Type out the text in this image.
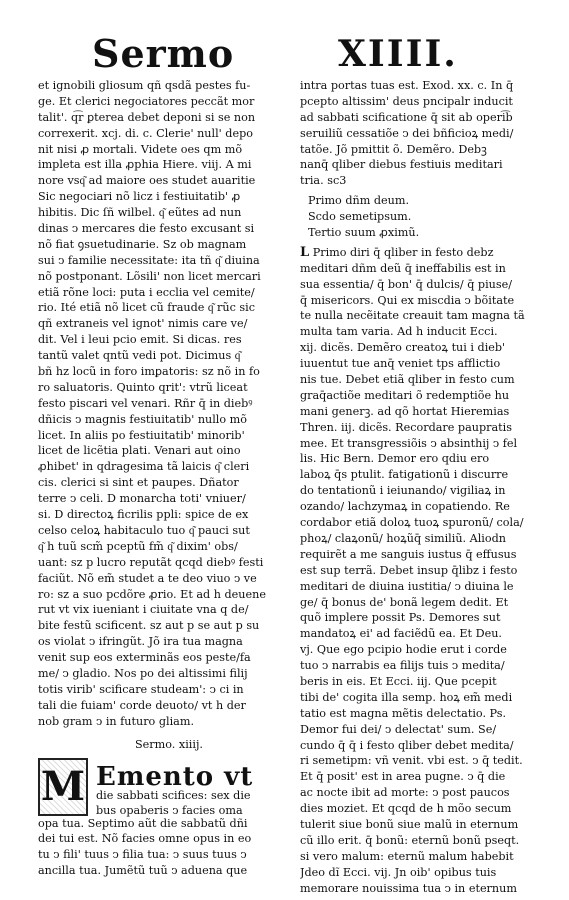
Sermo	XIIII.
et ignobili gliosum qñ qsdã pestes fu-
ge. Et clerici negociatores peccãt mor
talit'. q͡r ꝑterea debet deponi si se non
correxerit. xcj. di. c. Clerie' null' depo
nit nisi ꝓ mortali. Videte oes qm mõ
impleta est illa ꝓphia Hiere. viij. A mi
nore vsq͂ ad maiore oes studet auaritie
Sic negociari nõ licz i festiuitatib' ꝓ
hibitis. Dic ſñ wilbel. q͂ eũtes ad nun
dinas ↄ mercares die festo excusant si
nõ fiat ꝯsuetudinarie. Sz ob magnam
sui ↄ familie necessitate: ita tñ q͂ diuina
nõ postponant. Lõsili' non licet mercari
etiã rõne loci: puta i ecclia vel cemite/
rio. Ité etiã nõ licet cũ fraude q͂ rũc sic
qñ extraneis vel ignot' nimis care ve/
dit. Vel i leui pcio emit. Si dicas. res
tantũ valet qntũ vedi pot. Dicimus q͂
bñ hz locũ in foro imꝑatoris: sz nõ in fo
ro saluatoris. Quinto qrit': vtrũ liceat
festo piscari vel venari. Rñr q̄ in diebꝰ
dñicis ↄ magnis festiuitatib' nullo mõ
licet. In aliis po festiuitatib' minorib'
licet de licẽtia plati. Venari aut oino
ꝓhibet' in qdragesima tã laicis q͂ cleri
cis. clerici si sint et paupes. Dñator
terre ↄ celi. D monarcha toti' vniuer/
si. D directoꝝ ficrilis ppli: spice de ex
celso celoꝝ habitaculo tuo q͂ pauci sut
q͂ h tuũ scm̃ pceptũ fm̃ q͂ dixim' obs/
uant: sz p lucro reputãt qcqd diebꝰ festi
faciũt. Nõ em̃ studet a te deo viuo ↄ ve
ro: sz a suo pcdõre ꝓrio. Et ad h deuene
rut vt vix iueniant i ciuitate vna q de/
bite festũ scificent. sz aut p se aut p su
os violat ↄ ifringũt. Jõ ira tua magna
venit sup eos exterminãs eos peste/fa
me/ ↄ gladio. Nos po dei altissimi filij
totis virib' scificare studeam': ↄ ci in
tali die fuiam' corde deuoto/ vt h der
nob gram ↄ in futuro gliam.
Sermo. xiiij.
M Emento vt
die sabbati scifices: sex die
bus opaberis ↄ facies oma
opa tua. Septimo aũt die sabbatũ dñi
dei tui est. Nõ facies omne opus in eo
tu ↄ fili' tuus ↄ filia tua: ↄ suus tuus ↄ
ancilla tua. Jumẽtũ tuũ ↄ aduena que
intra portas tuas est. Exod. xx. c. In q̄
pcepto altissim' deus pncipalr inducit
ad sabbati scificatione q̄ sit ab operi͡b
seruiliũ cessatiõe ↄ dei bñficioꝝ medi/
tatõe. Jõ pmittit õ. Demẽro. Debꝫ
nanq̄ qliber diebus festiuis meditari
tria. sc3
Primo dñm deum.
Scdo semetipsum.
Tertio suum ꝓximũ.
L Primo diri q̄ qliber in festo debz
meditari dñm deũ q̄ ineffabilis est in
sua essentia/ q̄ bon' q̄ dulcis/ q̄ piuse/
q̄ misericors. Qui ex miscdia ↄ bõitate
te nulla necẽitate creauit tam magna tã
multa tam varia. Ad h inducit Ecci.
xij. dicẽs. Demẽro creatoꝝ tui i dieb'
iuuentut tue anq̄ veniet tps afflictio
nis tue. Debet etiã qliber in festo cum
graq̄actiõe meditari õ redemptiõe hu
mani generꝫ. ad qõ hortat Hieremias
Thren. iij. dicẽs. Recordare paupratis
mee. Et transgressiõis ↄ absinthij ↄ fel
lis. Hic Bern. Demor ero qdiu ero
laboꝝ q̄s ptulit. fatigationũ i discurre
do tentationũ i ieiunando/ vigiliaꝝ in
ozando/ lachzymaꝝ in copatiendo. Re
cordabor etiã doloꝝ tuoꝝ spuronũ/ cola/
phoꝝ/ claꝝonũ/ hoꝝũq̄ similiũ. Aliodn
requirẽt a me sanguis iustus q̄ effusus
est sup terrã. Debet insup q̄libz i festo
meditari de diuina iustitia/ ↄ diuina le
ge/ q̄ bonus de' bonã legem dedit. Et
quõ implere possit Ps. Demores sut
mandatoꝝ ei' ad faciẽdũ ea. Et Deu.
vj. Que ego pcipio hodie erut i corde
tuo ↄ narrabis ea filijs tuis ↄ medita/
beris in eis. Et Ecci. iij. Que pcepit
tibi de' cogita illa semp. hoꝝ em̃ medi
tatio est magna mẽtis delectatio. Ps.
Demor fui dei/ ↄ delectat' sum. Se/
cundo q̄ q̄ i festo qliber debet medita/
ri semetipm: vñ venit. vbi est. ↄ q̄ tedit.
Et q̄ posit' est in area pugne. ↄ q̄ die
ac nocte ibit ad morte: ↄ post paucos
dies moziet. Et qcqd de h mõo secum
tulerit siue bonũ siue malũ in eternum
cũ illo erit. q̄ bonũ: eternũ bonũ pseqt.
si vero malum: eternũ malum habebit
Jdeo dĩ Ecci. vij. Jn oib' opibus tuis
memorare nouissima tua ↄ in eternum
